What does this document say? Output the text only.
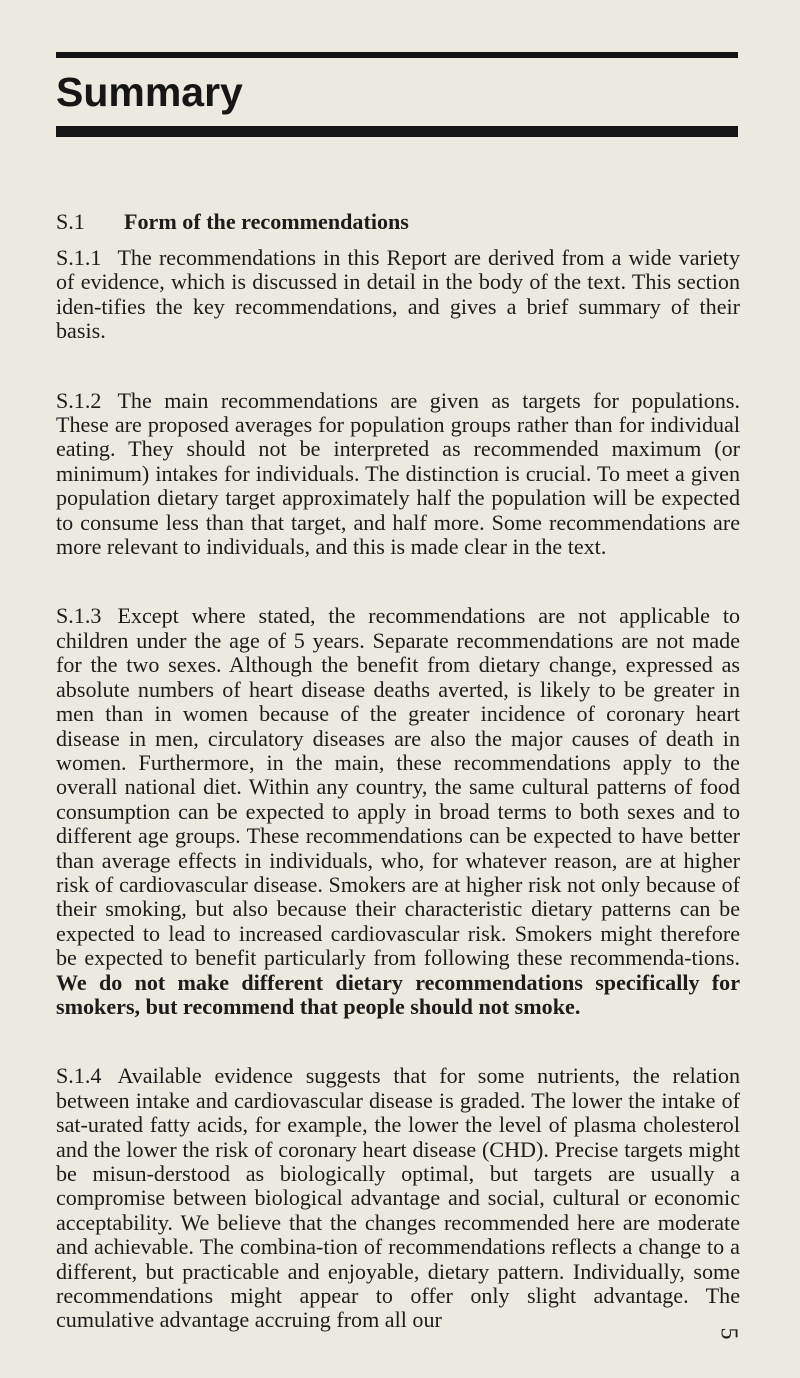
Summary
S.1 Form of the recommendations

S.1.1 The recommendations in this Report are derived from a wide variety of evidence, which is discussed in detail in the body of the text. This section iden-tifies the key recommendations, and gives a brief summary of their basis.

S.1.2 The main recommendations are given as targets for populations. These are proposed averages for population groups rather than for individual eating. They should not be interpreted as recommended maximum (or minimum) intakes for individuals. The distinction is crucial. To meet a given population dietary target approximately half the population will be expected to consume less than that target, and half more. Some recommendations are more relevant to individuals, and this is made clear in the text.

S.1.3 Except where stated, the recommendations are not applicable to children under the age of 5 years. Separate recommendations are not made for the two sexes. Although the benefit from dietary change, expressed as absolute numbers of heart disease deaths averted, is likely to be greater in men than in women because of the greater incidence of coronary heart disease in men, circulatory diseases are also the major causes of death in women. Furthermore, in the main, these recommendations apply to the overall national diet. Within any country, the same cultural patterns of food consumption can be expected to apply in broad terms to both sexes and to different age groups. These recommendations can be expected to have better than average effects in individuals, who, for whatever reason, are at higher risk of cardiovascular disease. Smokers are at higher risk not only because of their smoking, but also because their characteristic dietary patterns can be expected to lead to increased cardiovascular risk. Smokers might therefore be expected to benefit particularly from following these recommenda-tions. We do not make different dietary recommendations specifically for smokers, but recommend that people should not smoke.

S.1.4 Available evidence suggests that for some nutrients, the relation between intake and cardiovascular disease is graded. The lower the intake of sat-urated fatty acids, for example, the lower the level of plasma cholesterol and the lower the risk of coronary heart disease (CHD). Precise targets might be misun-derstood as biologically optimal, but targets are usually a compromise between biological advantage and social, cultural or economic acceptability. We believe that the changes recommended here are moderate and achievable. The combina-tion of recommendations reflects a change to a different, but practicable and enjoyable, dietary pattern. Individually, some recommendations might appear to offer only slight advantage. The cumulative advantage accruing from all our

5
